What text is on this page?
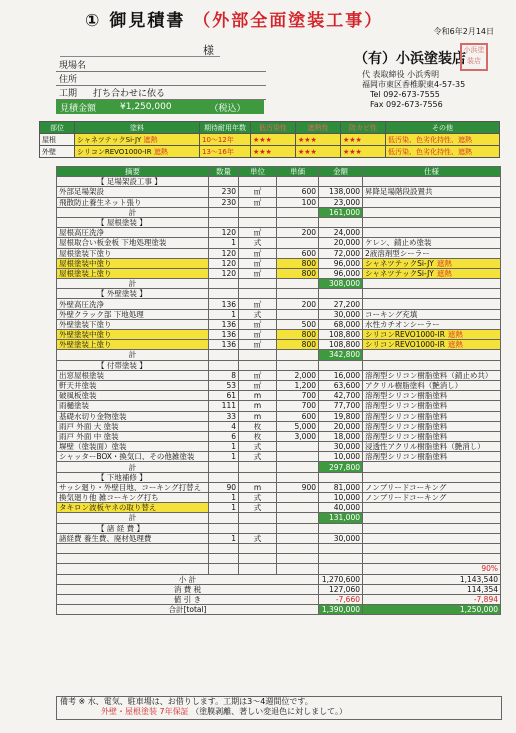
① 御見積書 （外部全面塗装工事）
令和6年2月14日
様
現場名	
住所	
工期	打ち合わせに依る
見積金額	¥1,250,000	（税込）
（有）小浜塗装店
小浜塗装店
代 表取締役 小浜秀明
福岡市東区香椎駅東4-57-35
Tel 092-673-7555
Fax 092-673-7556
部位	塗料	期待耐用年数	低汚染性	遮熱性	防カビ性	その他
屋根	シャネツテックSi-JY 遮熱	10〜12年	★★★	★★★	★★★	低汚染、色劣化持性、遮熱
外壁	シリコンREVO1000-IR 遮熱	13〜16年	★★★	★★★	★★★	低汚染、色劣化持性、遮熱
摘要	数量	単位	単価	金額	仕様
【 足場架設工事 】					
外部足場架設	230	㎡	600	138,000	昇降足場階段設置共
飛散防止養生ネット張り	230	㎡	100	23,000	
計				161,000	
【 屋根塗装 】					
屋根高圧洗浄	120	㎡	200	24,000	
屋根取合い板金板 下地処理塗装	1	式		20,000	ケレン、錆止め塗装
屋根塗装下塗り	120	㎡	600	72,000	2液溶剤型シーラー
屋根塗装中塗り	120	㎡	800	96,000	シャネツテックSi-JY 遮熱
屋根塗装上塗り	120	㎡	800	96,000	シャネツテックSi-JY 遮熱
計				308,000	
【 外壁塗装 】					
外壁高圧洗浄	136	㎡	200	27,200	
外壁クラック部 下地処理	1	式		30,000	コーキング充填
外壁塗装下塗り	136	㎡	500	68,000	水性カチオンシーラー
外壁塗装中塗り	136	㎡	800	108,800	シリコンREVO1000-IR 遮熱
外壁塗装上塗り	136	㎡	800	108,800	シリコンREVO1000-IR 遮熱
計				342,800	
【 付帯塗装 】					
出窓屋根塗装	8	㎡	2,000	16,000	溶剤型シリコン樹脂塗料（錆止め共）
軒天井塗装	53	㎡	1,200	63,600	アクリル樹脂塗料（艶消し）
破風板塗装	61	m	700	42,700	溶剤型シリコン樹脂塗料
雨樋塗装	111	m	700	77,700	溶剤型シリコン樹脂塗料
基礎水切り金物塗装	33	m	600	19,800	溶剤型シリコン樹脂塗料
雨戸 外面 大 塗装	4	枚	5,000	20,000	溶剤型シリコン樹脂塗料
雨戸 外面 中 塗装	6	枚	3,000	18,000	溶剤型シリコン樹脂塗料
塀壁（塗装面）塗装	1	式		30,000	浸透性アクリル樹脂塗料（艶消し）
シャッターBOX・換気口、その他雑塗装	1	式		10,000	溶剤型シリコン樹脂塗料
計				297,800	
【 下地補修 】					
サッシ廻り・外壁目地、コーキング打替え	90	m	900	81,000	ノンブリードコーキング
換気廻り他 雑コーキング打ち	1	式		10,000	ノンブリードコーキング
タキロン波板ヤネの取り替え	1	式		40,000	
計				131,000	
【 諸 経 費 】					
諸経費 養生費、廃材処理費	1	式		30,000	

					90%
小 計				1,270,600	1,143,540
消 費 税				127,060	114,354
値 引 き				-7,660	-7,894
合計[total]				1,390,000	1,250,000
備考 ※ 水、電気、駐車場は、お借りします。工期は3〜4週間位です。
外壁・屋根塗装 7年保証 （塗膜剥離、著しい変退色に対しまして。）
